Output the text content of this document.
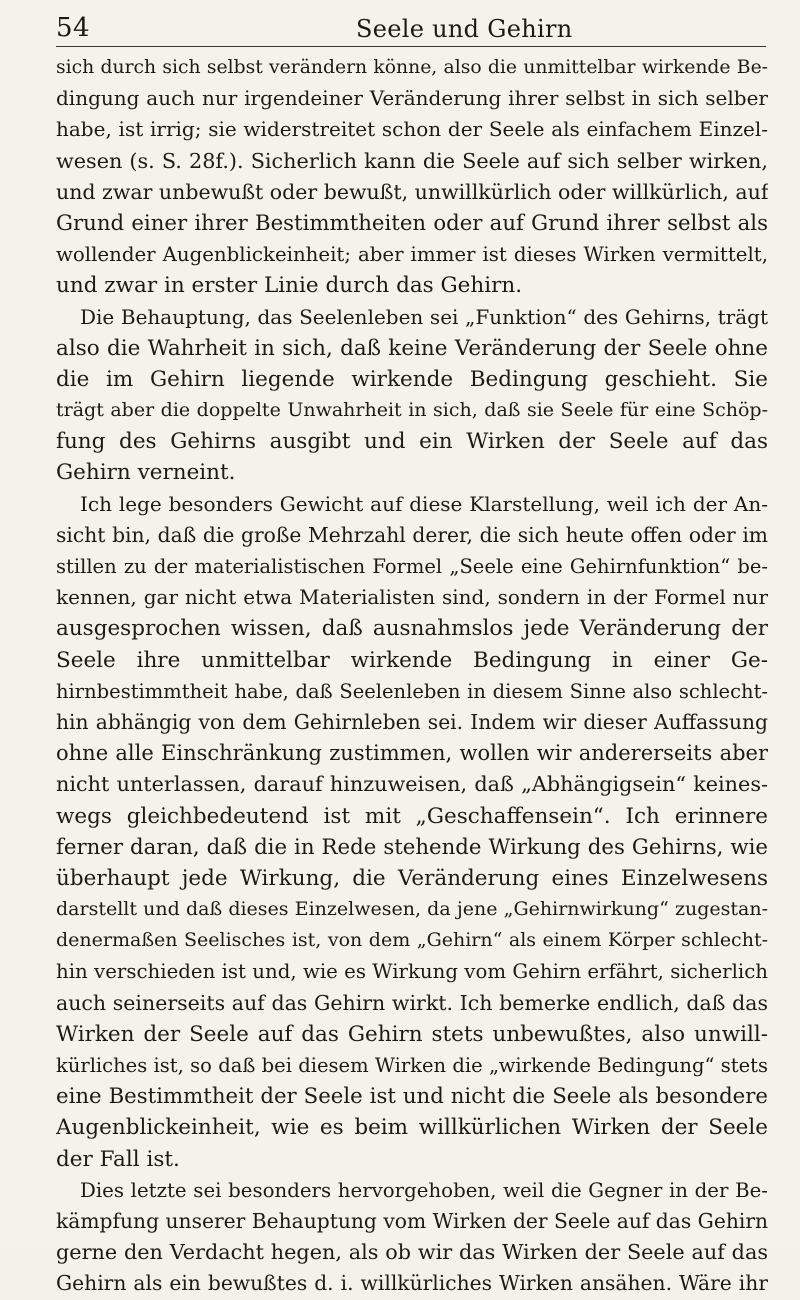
54	Seele und Gehirn
sich durch sich selbst verändern könne, also die unmittelbar wirkende Be-
dingung auch nur irgendeiner Veränderung ihrer selbst in sich selber
habe, ist irrig; sie widerstreitet schon der Seele als einfachem Einzel-
wesen (s. S. 28f.). Sicherlich kann die Seele auf sich selber wirken,
und zwar unbewußt oder bewußt, unwillkürlich oder willkürlich, auf
Grund einer ihrer Bestimmtheiten oder auf Grund ihrer selbst als
wollender Augenblickeinheit; aber immer ist dieses Wirken vermittelt,
und zwar in erster Linie durch das Gehirn.
Die Behauptung, das Seelenleben sei „Funktion“ des Gehirns, trägt
also die Wahrheit in sich, daß keine Veränderung der Seele ohne
die im Gehirn liegende wirkende Bedingung geschieht. Sie
trägt aber die doppelte Unwahrheit in sich, daß sie Seele für eine Schöp-
fung des Gehirns ausgibt und ein Wirken der Seele auf das
Gehirn verneint.
Ich lege besonders Gewicht auf diese Klarstellung, weil ich der An-
sicht bin, daß die große Mehrzahl derer, die sich heute offen oder im
stillen zu der materialistischen Formel „Seele eine Gehirnfunktion“ be-
kennen, gar nicht etwa Materialisten sind, sondern in der Formel nur
ausgesprochen wissen, daß ausnahmslos jede Veränderung der
Seele ihre unmittelbar wirkende Bedingung in einer Ge-
hirnbestimmtheit habe, daß Seelenleben in diesem Sinne also schlecht-
hin abhängig von dem Gehirnleben sei. Indem wir dieser Auffassung
ohne alle Einschränkung zustimmen, wollen wir andererseits aber
nicht unterlassen, darauf hinzuweisen, daß „Abhängigsein“ keines-
wegs gleichbedeutend ist mit „Geschaffensein“. Ich erinnere
ferner daran, daß die in Rede stehende Wirkung des Gehirns, wie
überhaupt jede Wirkung, die Veränderung eines Einzelwesens
darstellt und daß dieses Einzelwesen, da jene „Gehirnwirkung“ zugestan-
denermaßen Seelisches ist, von dem „Gehirn“ als einem Körper schlecht-
hin verschieden ist und, wie es Wirkung vom Gehirn erfährt, sicherlich
auch seinerseits auf das Gehirn wirkt. Ich bemerke endlich, daß das
Wirken der Seele auf das Gehirn stets unbewußtes, also unwill-
kürliches ist, so daß bei diesem Wirken die „wirkende Bedingung“ stets
eine Bestimmtheit der Seele ist und nicht die Seele als besondere
Augenblickeinheit, wie es beim willkürlichen Wirken der Seele
der Fall ist.
Dies letzte sei besonders hervorgehoben, weil die Gegner in der Be-
kämpfung unserer Behauptung vom Wirken der Seele auf das Gehirn
gerne den Verdacht hegen, als ob wir das Wirken der Seele auf das
Gehirn als ein bewußtes d. i. willkürliches Wirken ansähen. Wäre ihr
